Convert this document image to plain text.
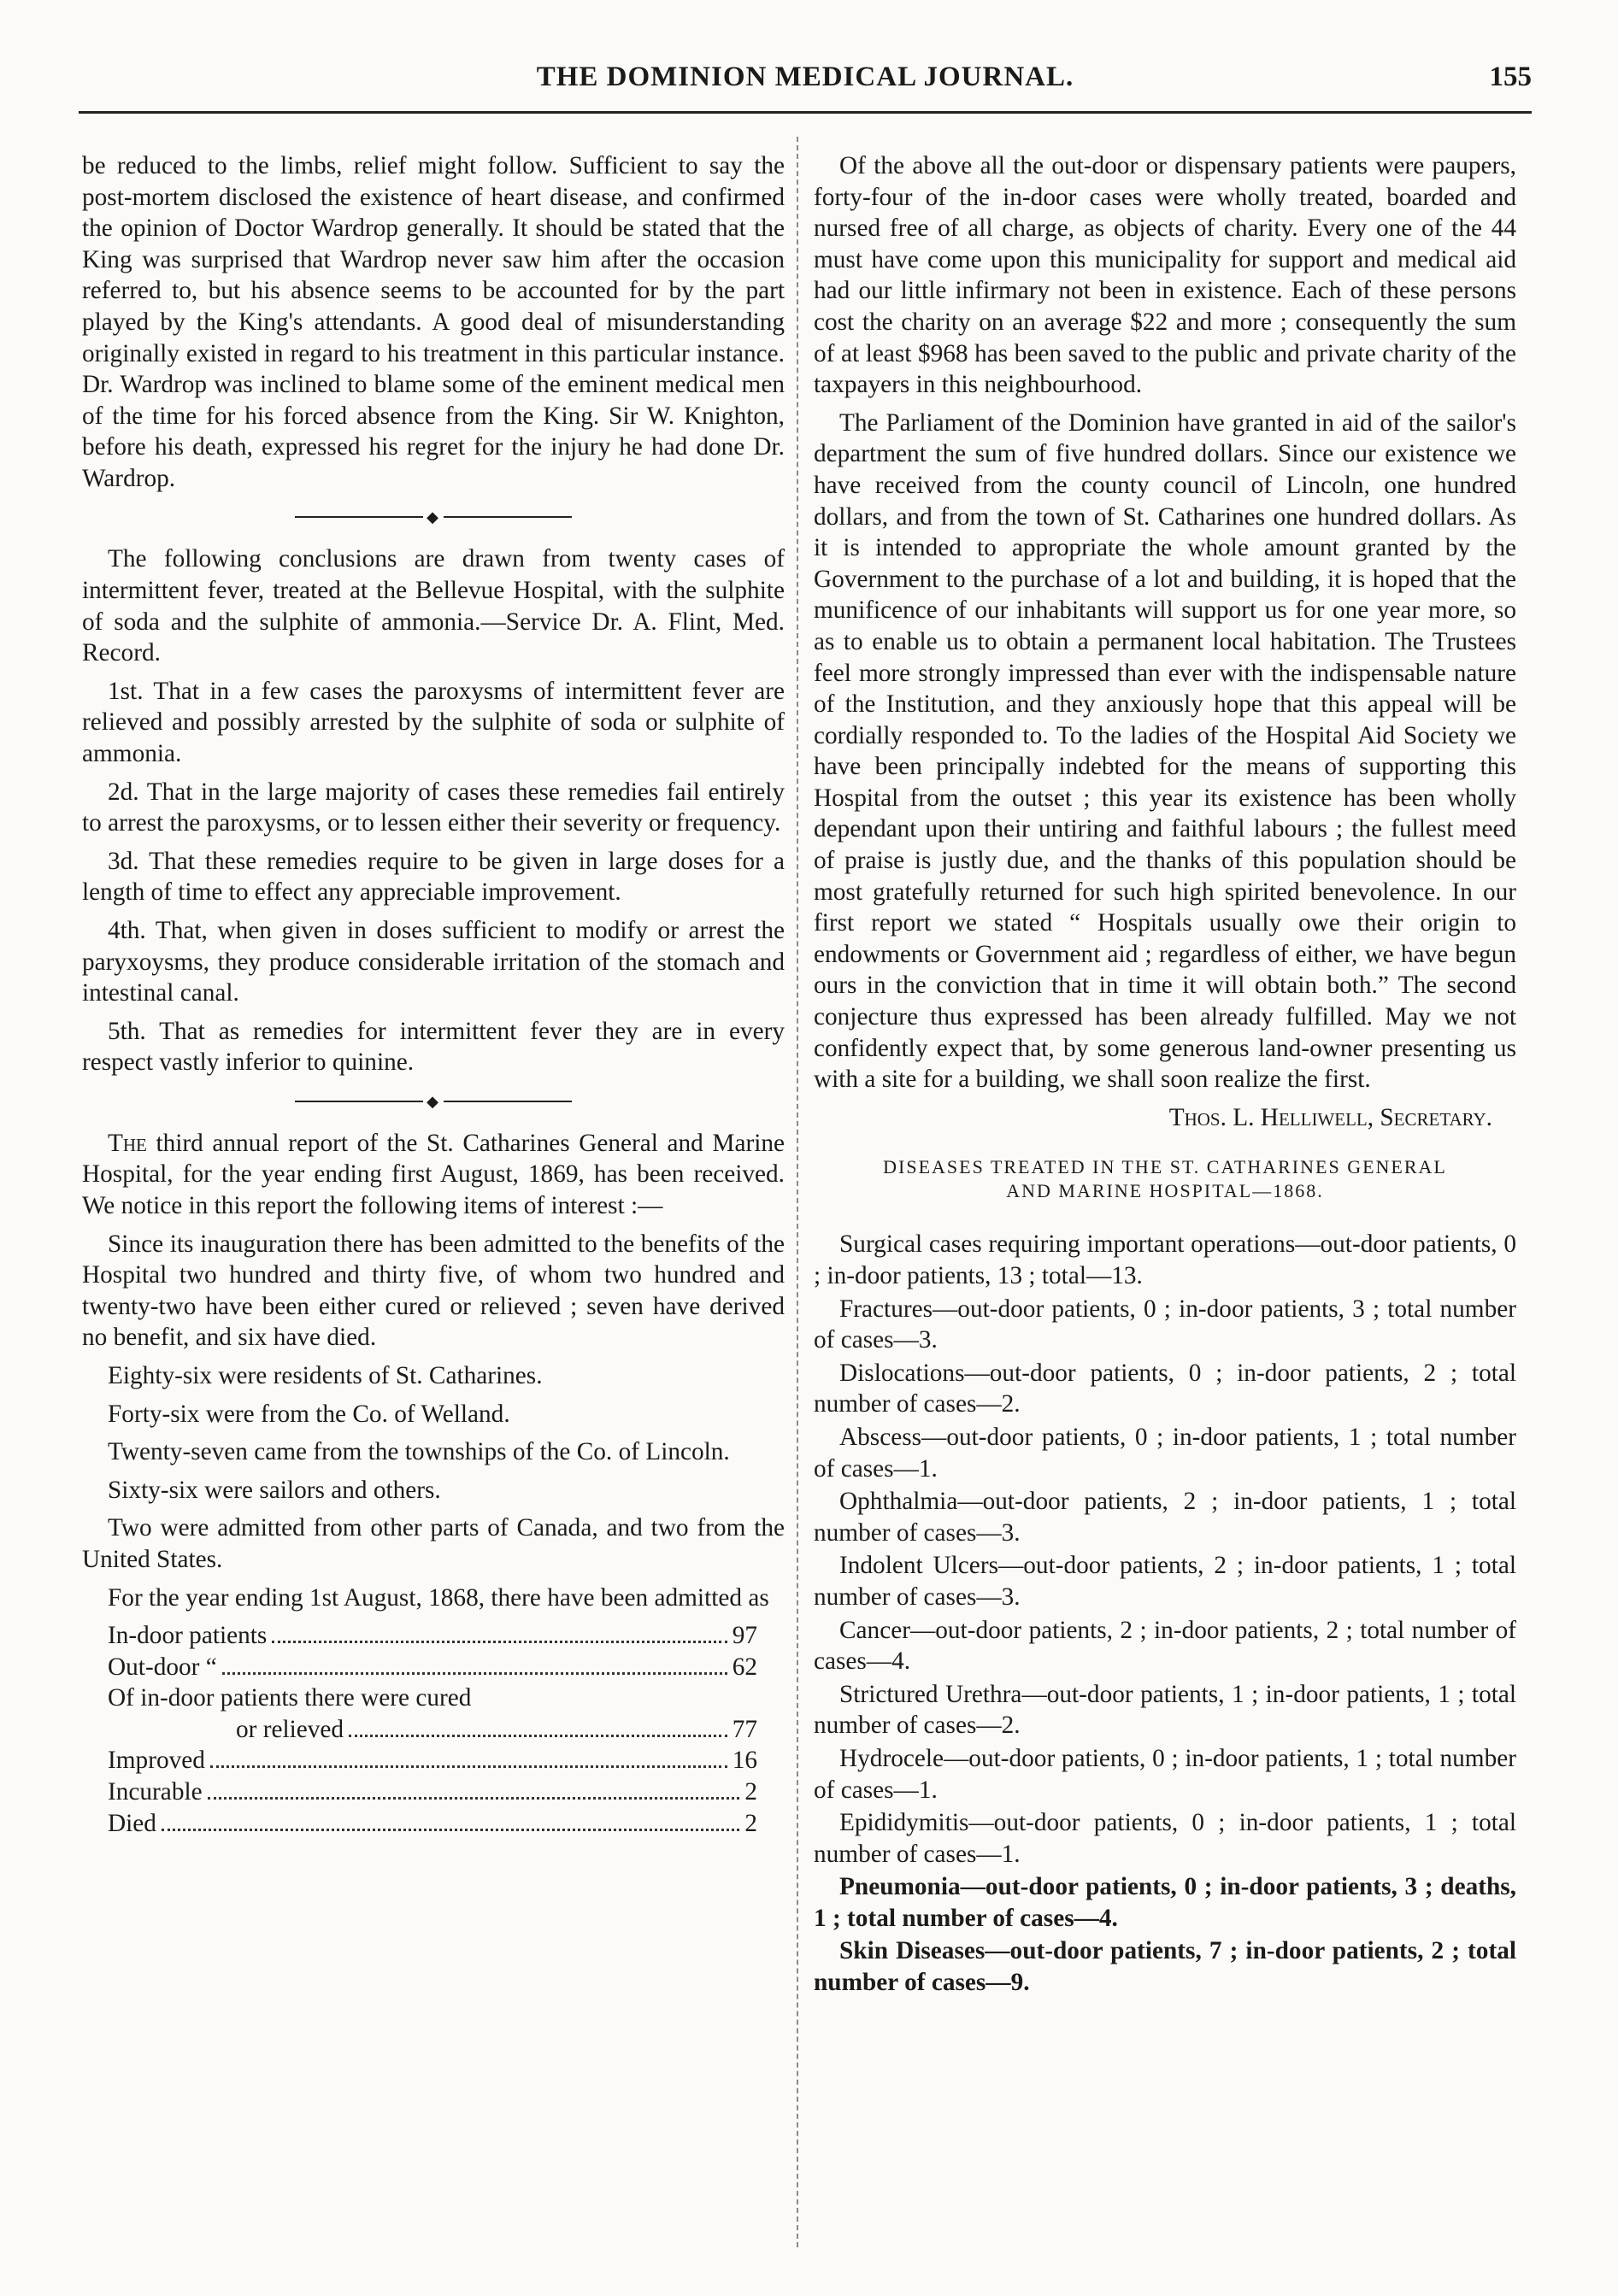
THE DOMINION MEDICAL JOURNAL.	155

be reduced to the limbs, relief might follow. Sufficient to say the post-mortem disclosed the existence of heart disease, and confirmed the opinion of Doctor Wardrop generally. It should be stated that the King was surprised that Wardrop never saw him after the occasion referred to, but his absence seems to be accounted for by the part played by the King's attendants. A good deal of misunderstanding originally existed in regard to his treatment in this particular instance. Dr. Wardrop was inclined to blame some of the eminent medical men of the time for his forced absence from the King. Sir W. Knighton, before his death, expressed his regret for the injury he had done Dr. Wardrop.

◆

The following conclusions are drawn from twenty cases of intermittent fever, treated at the Bellevue Hospital, with the sulphite of soda and the sulphite of ammonia.—Service Dr. A. Flint, Med. Record.

1st. That in a few cases the paroxysms of intermittent fever are relieved and possibly arrested by the sulphite of soda or sulphite of ammonia.

2d. That in the large majority of cases these remedies fail entirely to arrest the paroxysms, or to lessen either their severity or frequency.

3d. That these remedies require to be given in large doses for a length of time to effect any appreciable improvement.

4th. That, when given in doses sufficient to modify or arrest the paryxoysms, they produce considerable irritation of the stomach and intestinal canal.

5th. That as remedies for intermittent fever they are in every respect vastly inferior to quinine.

◆

The third annual report of the St. Catharines General and Marine Hospital, for the year ending first August, 1869, has been received. We notice in this report the following items of interest :—

Since its inauguration there has been admitted to the benefits of the Hospital two hundred and thirty five, of whom two hundred and twenty-two have been either cured or relieved ; seven have derived no benefit, and six have died.

Eighty-six were residents of St. Catharines.

Forty-six were from the Co. of Welland.

Twenty-seven came from the townships of the Co. of Lincoln.

Sixty-six were sailors and others.

Two were admitted from other parts of Canada, and two from the United States.

For the year ending 1st August, 1868, there have been admitted as

In-door patients	97
Out-door “	62
Of in-door patients there were cured
or relieved	77
Improved	16
Incurable	2
Died	2

Of the above all the out-door or dispensary patients were paupers, forty-four of the in-door cases were wholly treated, boarded and nursed free of all charge, as objects of charity. Every one of the 44 must have come upon this municipality for support and medical aid had our little infirmary not been in existence. Each of these persons cost the charity on an average $22 and more ; consequently the sum of at least $968 has been saved to the public and private charity of the taxpayers in this neighbourhood.

The Parliament of the Dominion have granted in aid of the sailor's department the sum of five hundred dollars. Since our existence we have received from the county council of Lincoln, one hundred dollars, and from the town of St. Catharines one hundred dollars. As it is intended to appropriate the whole amount granted by the Government to the purchase of a lot and building, it is hoped that the munificence of our inhabitants will support us for one year more, so as to enable us to obtain a permanent local habitation. The Trustees feel more strongly impressed than ever with the indispensable nature of the Institution, and they anxiously hope that this appeal will be cordially responded to. To the ladies of the Hospital Aid Society we have been principally indebted for the means of supporting this Hospital from the outset ; this year its existence has been wholly dependant upon their untiring and faithful labours ; the fullest meed of praise is justly due, and the thanks of this population should be most gratefully returned for such high spirited benevolence. In our first report we stated “ Hospitals usually owe their origin to endowments or Government aid ; regardless of either, we have begun ours in the conviction that in time it will obtain both.” The second conjecture thus expressed has been already fulfilled. May we not confidently expect that, by some generous land-owner presenting us with a site for a building, we shall soon realize the first.

Thos. L. Helliwell, Secretary.

DISEASES TREATED IN THE ST. CATHARINES GENERAL
AND MARINE HOSPITAL—1868.

Surgical cases requiring important operations—out-door patients, 0 ; in-door patients, 13 ; total—13.

Fractures—out-door patients, 0 ; in-door patients, 3 ; total number of cases—3.

Dislocations—out-door patients, 0 ; in-door patients, 2 ; total number of cases—2.

Abscess—out-door patients, 0 ; in-door patients, 1 ; total number of cases—1.

Ophthalmia—out-door patients, 2 ; in-door patients, 1 ; total number of cases—3.

Indolent Ulcers—out-door patients, 2 ; in-door patients, 1 ; total number of cases—3.

Cancer—out-door patients, 2 ; in-door patients, 2 ; total number of cases—4.

Strictured Urethra—out-door patients, 1 ; in-door patients, 1 ; total number of cases—2.

Hydrocele—out-door patients, 0 ; in-door patients, 1 ; total number of cases—1.

Epididymitis—out-door patients, 0 ; in-door patients, 1 ; total number of cases—1.

Pneumonia—out-door patients, 0 ; in-door patients, 3 ; deaths, 1 ; total number of cases—4.

Skin Diseases—out-door patients, 7 ; in-door patients, 2 ; total number of cases—9.
